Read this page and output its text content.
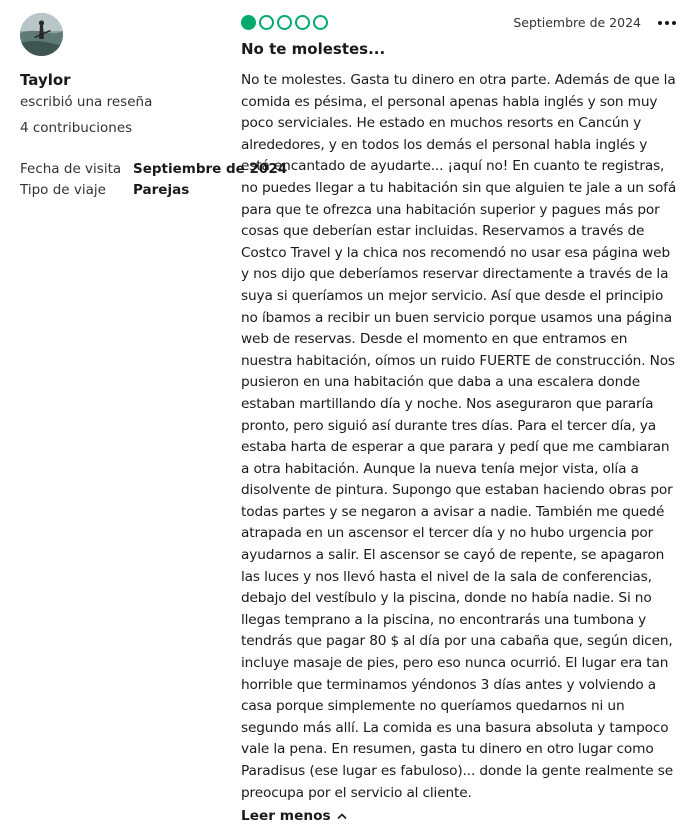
Taylor
escribió una reseña
4 contribuciones
Fecha de visita Septiembre de 2024
Tipo de viaje Parejas
Septiembre de 2024
No te molestes...
No te molestes. Gasta tu dinero en otra parte. Además de que la comida es pésima, el personal apenas habla inglés y son muy poco serviciales. He estado en muchos resorts en Cancún y alrededores, y en todos los demás el personal habla inglés y está encantado de ayudarte... ¡aquí no! En cuanto te registras, no puedes llegar a tu habitación sin que alguien te jale a un sofá para que te ofrezca una habitación superior y pagues más por cosas que deberían estar incluidas. Reservamos a través de Costco Travel y la chica nos recomendó no usar esa página web y nos dijo que deberíamos reservar directamente a través de la suya si queríamos un mejor servicio. Así que desde el principio no íbamos a recibir un buen servicio porque usamos una página web de reservas. Desde el momento en que entramos en nuestra habitación, oímos un ruido FUERTE de construcción. Nos pusieron en una habitación que daba a una escalera donde estaban martillando día y noche. Nos aseguraron que pararía pronto, pero siguió así durante tres días. Para el tercer día, ya estaba harta de esperar a que parara y pedí que me cambiaran a otra habitación. Aunque la nueva tenía mejor vista, olía a disolvente de pintura. Supongo que estaban haciendo obras por todas partes y se negaron a avisar a nadie. También me quedé atrapada en un ascensor el tercer día y no hubo urgencia por ayudarnos a salir. El ascensor se cayó de repente, se apagaron las luces y nos llevó hasta el nivel de la sala de conferencias, debajo del vestíbulo y la piscina, donde no había nadie. Si no llegas temprano a la piscina, no encontrarás una tumbona y tendrás que pagar 80 $ al día por una cabaña que, según dicen, incluye masaje de pies, pero eso nunca ocurrió. El lugar era tan horrible que terminamos yéndonos 3 días antes y volviendo a casa porque simplemente no queríamos quedarnos ni un segundo más allí. La comida es una basura absoluta y tampoco vale la pena. En resumen, gasta tu dinero en otro lugar como Paradisus (ese lugar es fabuloso)... donde la gente realmente se preocupa por el servicio al cliente.
Leer menos
